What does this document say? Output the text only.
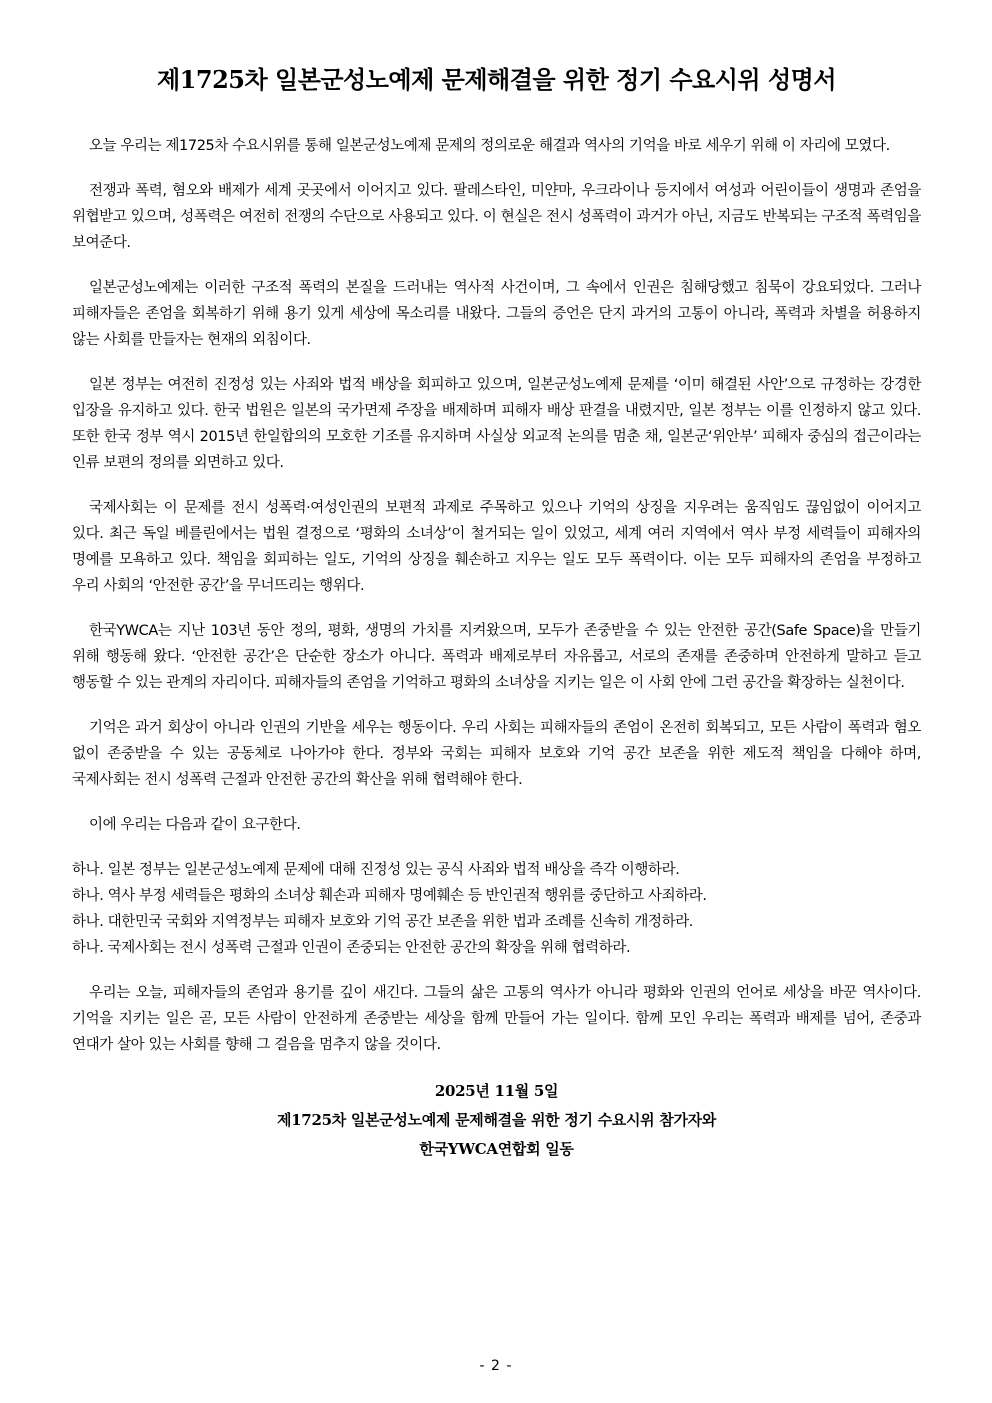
제1725차 일본군성노예제 문제해결을 위한 정기 수요시위 성명서

오늘 우리는 제1725차 수요시위를 통해 일본군성노예제 문제의 정의로운 해결과 역사의 기억을 바로 세우기 위해 이 자리에 모였다.

전쟁과 폭력, 혐오와 배제가 세계 곳곳에서 이어지고 있다. 팔레스타인, 미얀마, 우크라이나 등지에서 여성과 어린이들이 생명과 존엄을 위협받고 있으며, 성폭력은 여전히 전쟁의 수단으로 사용되고 있다. 이 현실은 전시 성폭력이 과거가 아닌, 지금도 반복되는 구조적 폭력임을 보여준다.

일본군성노예제는 이러한 구조적 폭력의 본질을 드러내는 역사적 사건이며, 그 속에서 인권은 침해당했고 침묵이 강요되었다. 그러나 피해자들은 존엄을 회복하기 위해 용기 있게 세상에 목소리를 내왔다. 그들의 증언은 단지 과거의 고통이 아니라, 폭력과 차별을 허용하지 않는 사회를 만들자는 현재의 외침이다.

일본 정부는 여전히 진정성 있는 사죄와 법적 배상을 회피하고 있으며, 일본군성노예제 문제를 ‘이미 해결된 사안’으로 규정하는 강경한 입장을 유지하고 있다. 한국 법원은 일본의 국가면제 주장을 배제하며 피해자 배상 판결을 내렸지만, 일본 정부는 이를 인정하지 않고 있다. 또한 한국 정부 역시 2015년 한일합의의 모호한 기조를 유지하며 사실상 외교적 논의를 멈춘 채, 일본군‘위안부’ 피해자 중심의 접근이라는 인류 보편의 정의를 외면하고 있다.

국제사회는 이 문제를 전시 성폭력·여성인권의 보편적 과제로 주목하고 있으나 기억의 상징을 지우려는 움직임도 끊임없이 이어지고 있다. 최근 독일 베를린에서는 법원 결정으로 ‘평화의 소녀상’이 철거되는 일이 있었고, 세계 여러 지역에서 역사 부정 세력들이 피해자의 명예를 모욕하고 있다. 책임을 회피하는 일도, 기억의 상징을 훼손하고 지우는 일도 모두 폭력이다. 이는 모두 피해자의 존엄을 부정하고 우리 사회의 ‘안전한 공간’을 무너뜨리는 행위다.

한국YWCA는 지난 103년 동안 정의, 평화, 생명의 가치를 지켜왔으며, 모두가 존중받을 수 있는 안전한 공간(Safe Space)을 만들기 위해 행동해 왔다. ‘안전한 공간’은 단순한 장소가 아니다. 폭력과 배제로부터 자유롭고, 서로의 존재를 존중하며 안전하게 말하고 듣고 행동할 수 있는 관계의 자리이다. 피해자들의 존엄을 기억하고 평화의 소녀상을 지키는 일은 이 사회 안에 그런 공간을 확장하는 실천이다.

기억은 과거 회상이 아니라 인권의 기반을 세우는 행동이다. 우리 사회는 피해자들의 존엄이 온전히 회복되고, 모든 사람이 폭력과 혐오 없이 존중받을 수 있는 공동체로 나아가야 한다. 정부와 국회는 피해자 보호와 기억 공간 보존을 위한 제도적 책임을 다해야 하며, 국제사회는 전시 성폭력 근절과 안전한 공간의 확산을 위해 협력해야 한다.

이에 우리는 다음과 같이 요구한다.

하나. 일본 정부는 일본군성노예제 문제에 대해 진정성 있는 공식 사죄와 법적 배상을 즉각 이행하라.
하나. 역사 부정 세력들은 평화의 소녀상 훼손과 피해자 명예훼손 등 반인권적 행위를 중단하고 사죄하라.
하나. 대한민국 국회와 지역정부는 피해자 보호와 기억 공간 보존을 위한 법과 조례를 신속히 개정하라.
하나. 국제사회는 전시 성폭력 근절과 인권이 존중되는 안전한 공간의 확장을 위해 협력하라.

우리는 오늘, 피해자들의 존엄과 용기를 깊이 새긴다. 그들의 삶은 고통의 역사가 아니라 평화와 인권의 언어로 세상을 바꾼 역사이다. 기억을 지키는 일은 곧, 모든 사람이 안전하게 존중받는 세상을 함께 만들어 가는 일이다. 함께 모인 우리는 폭력과 배제를 넘어, 존중과 연대가 살아 있는 사회를 향해 그 걸음을 멈추지 않을 것이다.

2025년 11월 5일
제1725차 일본군성노예제 문제해결을 위한 정기 수요시위 참가자와
한국YWCA연합회 일동
- 2 -
